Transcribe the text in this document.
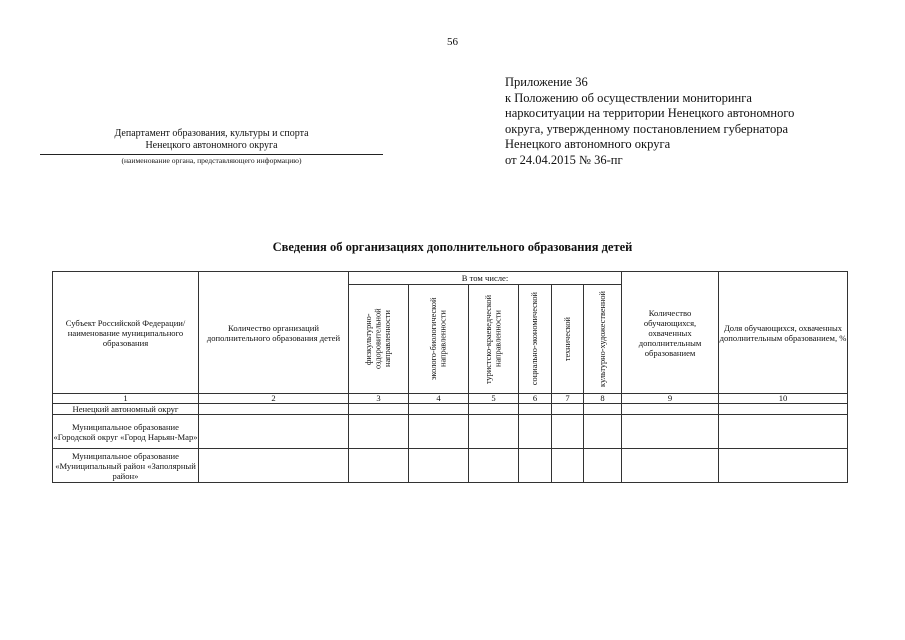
56
Приложение 36
к Положению об осуществлении мониторинга
наркоситуации на территории Ненецкого автономного
округа, утвержденному постановлением губернатора
Ненецкого автономного округа
от 24.04.2015 № 36-пг
Департамент образования, культуры и спорта
Ненецкого автономного округа
(наименование органа, представляющего информацию)
Сведения об организациях дополнительного образования детей
Субъект Российской Федерации/ наименование муниципального образования	Количество организаций дополнительного образования детей	В том числе:						Количество обучающихся, охваченных дополнительным образованием	Доля обучающихся, охваченных дополнительным образованием, %

		физкультурно-оздоровительной направленности	эколого-биологической направленности	туристско-краеведческой направленности	социально-экономической	технической	культурно-художественной		

1	2	3	4	5	6	7	8	9	10
Ненецкий автономный округ									
Муниципальное образование «Городской округ «Город Нарьян-Мар»									
Муниципальное образование «Муниципальный район «Заполярный район»									
